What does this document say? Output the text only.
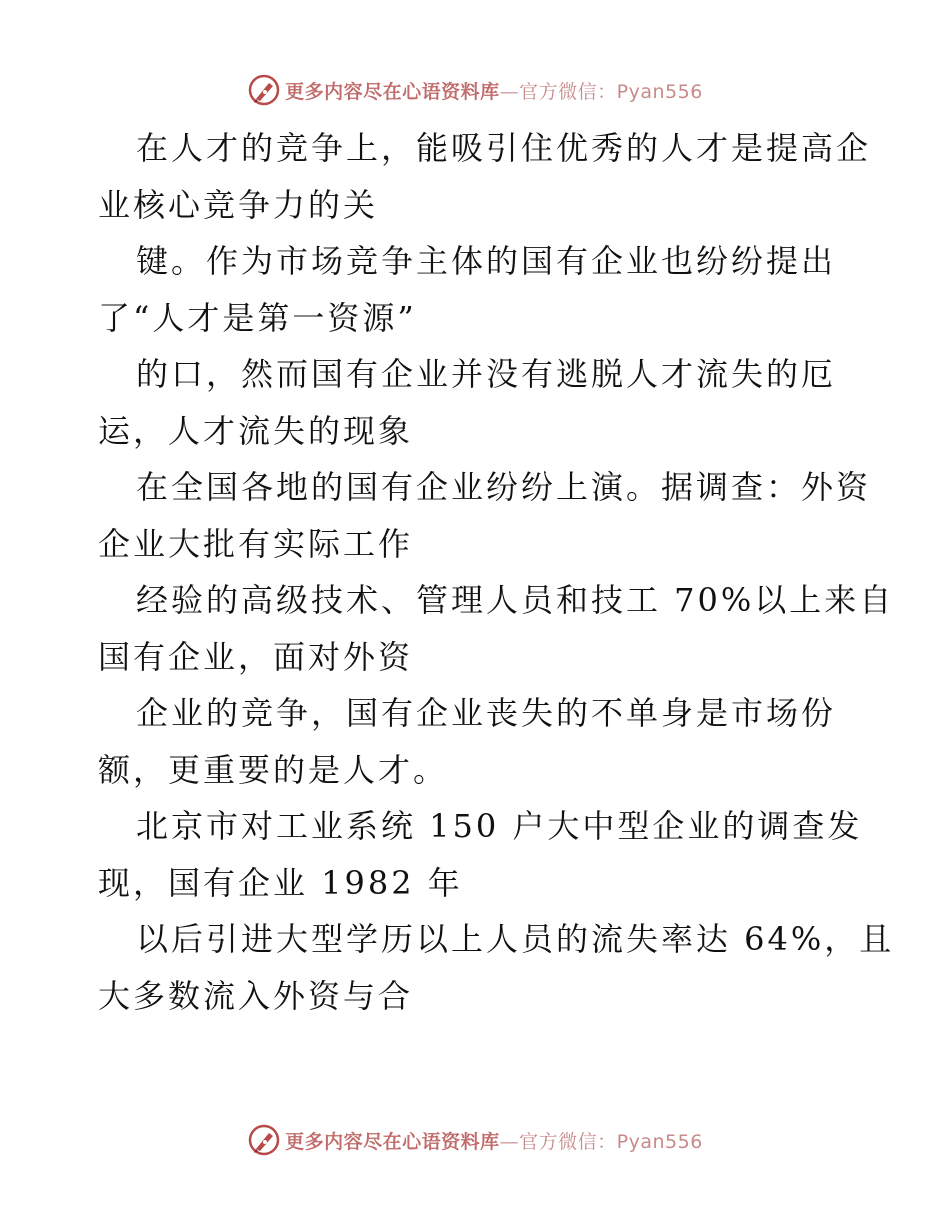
更多内容尽在心语资料库—官方微信：Pyan556
在人才的竞争上，能吸引住优秀的人才是提高企
业核心竞争力的关
键。作为市场竞争主体的国有企业也纷纷提出
了“人才是第一资源”
的口，然而国有企业并没有逃脱人才流失的厄
运，人才流失的现象
在全国各地的国有企业纷纷上演。据调查：外资
企业大批有实际工作
经验的高级技术、管理人员和技工 70%以上来自
国有企业，面对外资
企业的竞争，国有企业丧失的不单身是市场份
额，更重要的是人才。
北京市对工业系统 150 户大中型企业的调查发
现，国有企业 1982 年
以后引进大型学历以上人员的流失率达 64%，且
大多数流入外资与合
更多内容尽在心语资料库—官方微信：Pyan556
